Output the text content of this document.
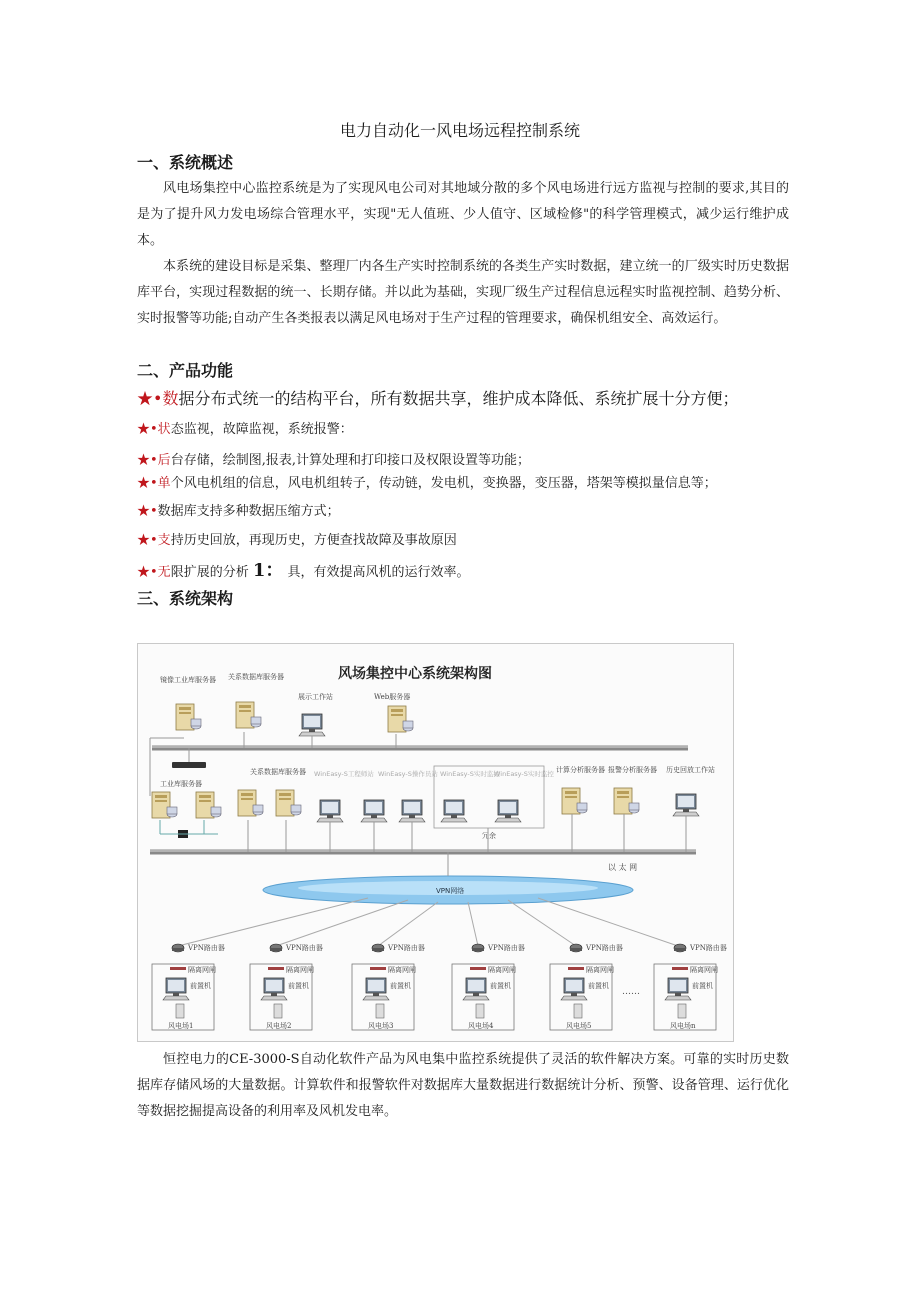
电力自动化一风电场远程控制系统
一、系统概述

风电场集控中心监控系统是为了实现风电公司对其地域分散的多个风电场进行远方监视与控制的要求,其目的是为了提升风力发电场综合管理水平，实现"无人值班、少人值守、区域检修"的科学管理模式，减少运行维护成本。

本系统的建设目标是采集、整理厂内各生产实时控制系统的各类生产实时数据，建立统一的厂级实时历史数据库平台，实现过程数据的统一、长期存储。并以此为基础，实现厂级生产过程信息远程实时监视控制、趋势分析、实时报警等功能;自动产生各类报表以满足风电场对于生产过程的管理要求，确保机组安全、高效运行。

二、产品功能
★•数据分布式统一的结构平台，所有数据共享，维护成本降低、系统扩展十分方便；
★•状态监视，故障监视，系统报警：
★•后台存储，绘制图,报表,计算处理和打印接口及权限设置等功能；
★•单个风电机组的信息，风电机组转子，传动链，发电机，变换器，变压器，塔架等模拟量信息等；
★•数据库支持多种数据压缩方式；
★•支持历史回放，再现历史，方便查找故障及事故原因
★•无限扩展的分析 1： 具，有效提高风机的运行效率。
三、系统架构
风场集控中心系统架构图
镜像工业库服务器 关系数据库服务器
展示工作站	Web服务器
工业库服务器
关系数据库服务器 WinEasy-S工程师站 WinEasy-S操作员站 WinEasy-S实时监控
WinEasy-S实时监控 计算分析服务器 报警分析服务器 历史回放工作站
冗余
以 太 网
VPN网络
VPN路由器
隔离网闸
前置机
风电场1
VPN路由器
隔离网闸
前置机
风电场2
VPN路由器
隔离网闸
前置机
风电场3
VPN路由器
隔离网闸
前置机
风电场4
VPN路由器
隔离网闸
前置机
风电场5
……
VPN路由器
隔离网闸
前置机
风电场n

恒控电力的CE-3000-S自动化软件产品为风电集中监控系统提供了灵活的软件解决方案。可靠的实时历史数据库存储风场的大量数据。计算软件和报警软件对数据库大量数据进行数据统计分析、预警、设备管理、运行优化等数据挖掘提高设备的利用率及风机发电率。
